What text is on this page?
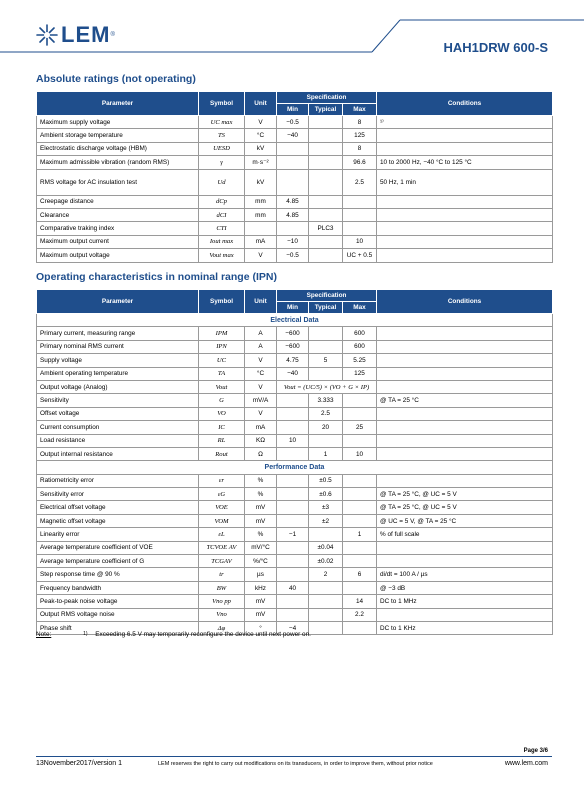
LEM ®
HAH1DRW 600-S
Absolute ratings (not operating)
Parameter	Symbol	Unit	Specification			Conditions
			Min	Typical	Max	
Maximum supply voltage	UC max	V	−0.5		8	¹⁾
Ambient storage temperature	TS	°C	−40		125	
Electrostatic discharge voltage (HBM)	UESD	kV			8	
Maximum admissible vibration (random RMS)	γ	m·s⁻²			96.6	10 to 2000 Hz, −40 °C to 125 °C
RMS voltage for AC insulation test	Ud	kV			2.5	50 Hz, 1 min
Creepage distance	dCp	mm	4.85			
Clearance	dCI	mm	4.85			
Comparative traking index	CTI			PLC3		
Maximum output current	Iout max	mA	−10		10	
Maximum output voltage	Vout max	V	−0.5		UC + 0.5	
Operating characteristics in nominal range (IPN)
Parameter	Symbol	Unit	Specification			Conditions
			Min	Typical	Max	
Electrical Data						
Primary current, measuring range	IPM	A	−600		600	
Primary nominal RMS current	IPN	A	−600		600	
Supply voltage	UC	V	4.75	5	5.25	
Ambient operating temperature	TA	°C	−40		125	
Output voltage (Analog)	Vout	V	Vout = (UC/5) × (VO + G × IP)			
Sensitivity	G	mV/A		3.333		@ TA = 25 °C
Offset voltage	VO	V		2.5		
Current consumption	IC	mA		20	25	
Load resistance	RL	KΩ	10			
Output internal resistance	Rout	Ω		1	10	
Performance Data						
Ratiometricity error	εr	%		±0.5		
Sensitivity error	εG	%		±0.6		@ TA = 25 °C, @ UC = 5 V
Electrical offset voltage	VOE	mV		±3		@ TA = 25 °C, @ UC = 5 V
Magnetic offset voltage	VOM	mV		±2		@ UC = 5 V, @ TA = 25 °C
Linearity error	εL	%	−1		1	% of full scale
Average temperature coefficient of VOE	TCVOE AV	mV/°C		±0.04		
Average temperature coefficient of G	TCGAV	%/°C		±0.02		
Step response time @ 90 %	tr	µs		2	6	di/dt = 100 A / µs
Frequency bandwidth	BW	kHz	40			@ −3 dB
Peak-to-peak noise voltage	Vno pp	mV			14	DC to 1 MHz
Output RMS voltage noise	Vno	mV			2.2	
Phase shift	Δφ	°	−4			DC to 1 KHz
Note:	$^{1)}$ Exceeding 6.5 V may temporarily reconfigure the device until next power on.
Page 3/6
13November2017/version 1	LEM reserves the right to carry out modifications on its transducers, in order to improve them, without prior notice	www.lem.com
